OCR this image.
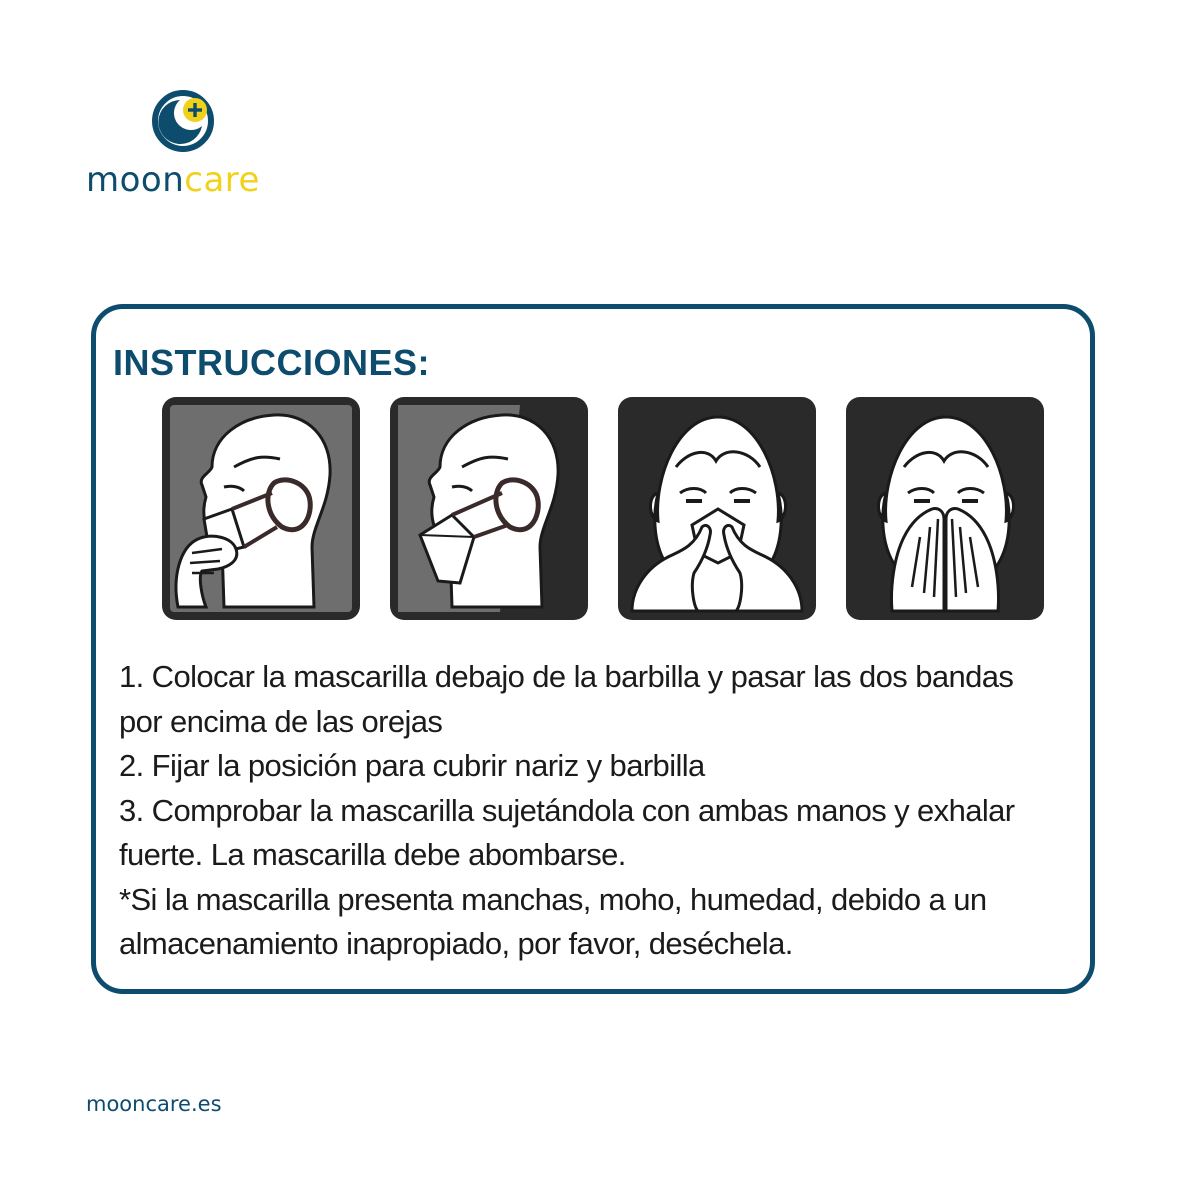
mooncare
INSTRUCCIONES:

1. Colocar la mascarilla debajo de la barbilla y pasar las dos bandas
por encima de las orejas
2. Fijar la posición para cubrir nariz y barbilla
3. Comprobar la mascarilla sujetándola con ambas manos y exhalar
fuerte. La mascarilla debe abombarse.
*Si la mascarilla presenta manchas, moho, humedad, debido a un
almacenamiento inapropiado, por favor, deséchela.

mooncare.es
